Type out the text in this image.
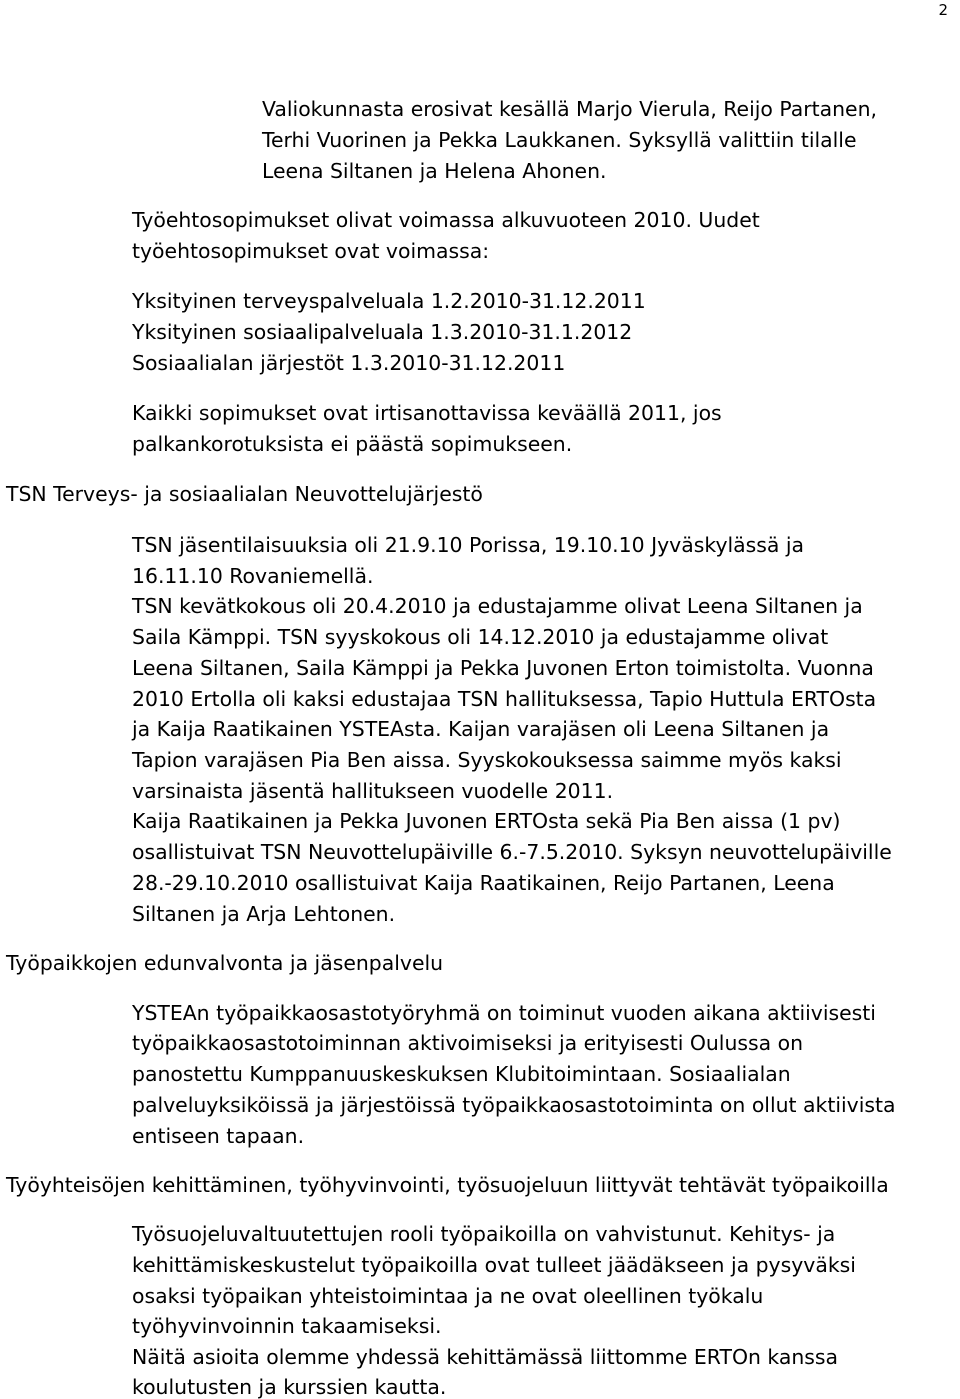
2
Valiokunnasta erosivat kesällä Marjo Vierula, Reijo Partanen,
Terhi Vuorinen ja Pekka Laukkanen. Syksyllä valittiin tilalle
Leena Siltanen ja Helena Ahonen.
Työehtosopimukset olivat voimassa alkuvuoteen 2010. Uudet
työehtosopimukset ovat voimassa:
Yksityinen terveyspalveluala 1.2.2010-31.12.2011
Yksityinen sosiaalipalveluala 1.3.2010-31.1.2012
Sosiaalialan järjestöt 1.3.2010-31.12.2011
Kaikki sopimukset ovat irtisanottavissa keväällä 2011, jos
palkankorotuksista ei päästä sopimukseen.
TSN Terveys- ja sosiaalialan Neuvottelujärjestö
TSN jäsentilaisuuksia oli 21.9.10 Porissa, 19.10.10 Jyväskylässä ja
16.11.10 Rovaniemellä.
TSN kevätkokous oli 20.4.2010 ja edustajamme olivat Leena Siltanen ja
Saila Kämppi. TSN syyskokous oli 14.12.2010 ja edustajamme olivat
Leena Siltanen, Saila Kämppi ja Pekka Juvonen Erton toimistolta. Vuonna
2010 Ertolla oli kaksi edustajaa TSN hallituksessa, Tapio Huttula ERTOsta
ja Kaija Raatikainen YSTEAsta. Kaijan varajäsen oli Leena Siltanen ja
Tapion varajäsen Pia Ben aissa. Syyskokouksessa saimme myös kaksi
varsinaista jäsentä hallitukseen vuodelle 2011.
Kaija Raatikainen ja Pekka Juvonen ERTOsta sekä Pia Ben aissa (1 pv)
osallistuivat TSN Neuvottelupäiville 6.-7.5.2010. Syksyn neuvottelupäiville
28.-29.10.2010 osallistuivat Kaija Raatikainen, Reijo Partanen, Leena
Siltanen ja Arja Lehtonen.
Työpaikkojen edunvalvonta ja jäsenpalvelu
YSTEAn työpaikkaosastotyöryhmä on toiminut vuoden aikana aktiivisesti
työpaikkaosastotoiminnan aktivoimiseksi ja erityisesti Oulussa on
panostettu Kumppanuuskeskuksen Klubitoimintaan. Sosiaalialan
palveluyksiköissä ja järjestöissä työpaikkaosastotoiminta on ollut aktiivista
entiseen tapaan.
Työyhteisöjen kehittäminen, työhyvinvointi, työsuojeluun liittyvät tehtävät työpaikoilla
Työsuojeluvaltuutettujen rooli työpaikoilla on vahvistunut. Kehitys- ja
kehittämiskeskustelut työpaikoilla ovat tulleet jäädäkseen ja pysyväksi
osaksi työpaikan yhteistoimintaa ja ne ovat oleellinen työkalu
työhyvinvoinnin takaamiseksi.
Näitä asioita olemme yhdessä kehittämässä liittomme ERTOn kanssa
koulutusten ja kurssien kautta.
